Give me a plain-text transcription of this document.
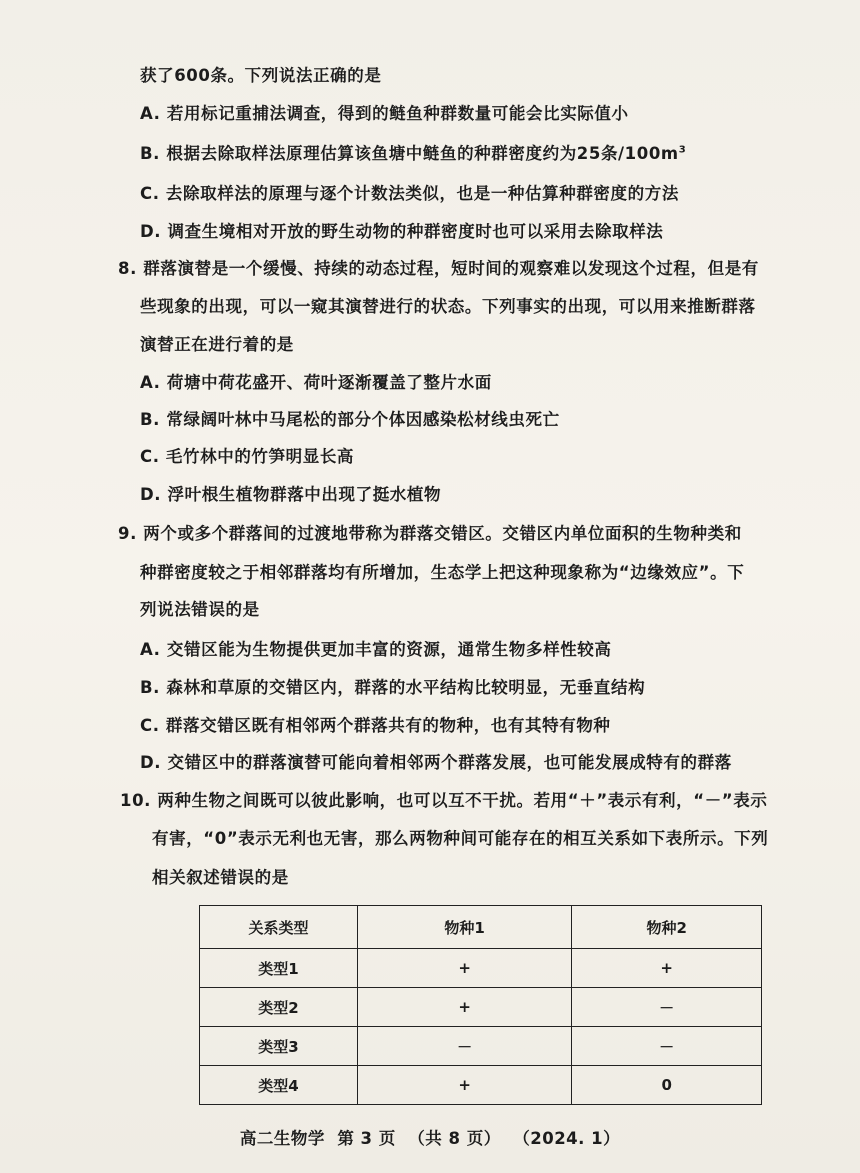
获了600条。下列说法正确的是
A. 若用标记重捕法调查，得到的鲢鱼种群数量可能会比实际值小
B. 根据去除取样法原理估算该鱼塘中鲢鱼的种群密度约为25条$/100m^3$
C. 去除取样法的原理与逐个计数法类似，也是一种估算种群密度的方法
D. 调查生境相对开放的野生动物的种群密度时也可以采用去除取样法
8. 群落演替是一个缓慢、持续的动态过程，短时间的观察难以发现这个过程，但是有
些现象的出现，可以一窥其演替进行的状态。下列事实的出现，可以用来推断群落
演替正在进行着的是
A. 荷塘中荷花盛开、荷叶逐渐覆盖了整片水面
B. 常绿阔叶林中马尾松的部分个体因感染松材线虫死亡
C. 毛竹林中的竹笋明显长高
D. 浮叶根生植物群落中出现了挺水植物
9. 两个或多个群落间的过渡地带称为群落交错区。交错区内单位面积的生物种类和
种群密度较之于相邻群落均有所增加，生态学上把这种现象称为“边缘效应”。下
列说法错误的是
A. 交错区能为生物提供更加丰富的资源，通常生物多样性较高
B. 森林和草原的交错区内，群落的水平结构比较明显，无垂直结构
C. 群落交错区既有相邻两个群落共有的物种，也有其特有物种
D. 交错区中的群落演替可能向着相邻两个群落发展，也可能发展成特有的群落
10. 两种生物之间既可以彼此影响，也可以互不干扰。若用“＋”表示有利，“－”表示
有害，“0”表示无利也无害，那么两物种间可能存在的相互关系如下表所示。下列
相关叙述错误的是
关系类型	物种1	物种2
类型1	+	+
类型2	+	－
类型3	－	－
类型4	+	0
高二生物学  第 3 页  （共 8 页）  （2024. 1）
